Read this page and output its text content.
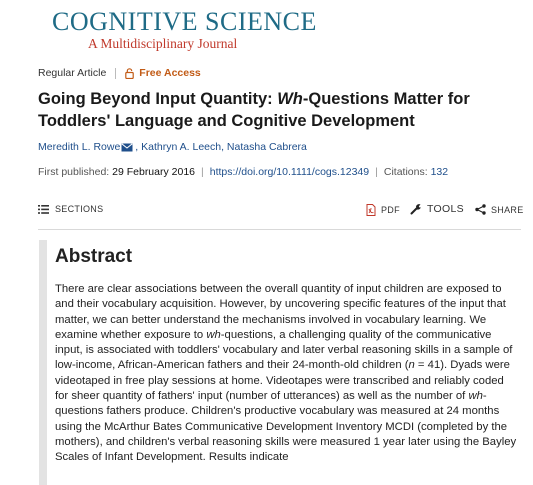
COGNITIVE SCIENCE
A Multidisciplinary Journal
Regular Article	Free Access
Going Beyond Input Quantity: Wh-Questions Matter for Toddlers' Language and Cognitive Development
Meredith L. Rowe , Kathryn A. Leech, Natasha Cabrera
First published:
29 February 2016 | https://doi.org/10.1111/cogs.12349 | Citations:
132
SECTIONS	PDF	TOOLS	SHARE
Abstract

There are clear associations between the overall quantity of input children are exposed to and their vocabulary acquisition. However, by uncovering specific features of the input that matter, we can better understand the mechanisms involved in vocabulary learning. We examine whether exposure to wh-questions, a challenging quality of the communicative input, is associated with toddlers' vocabulary and later verbal reasoning skills in a sample of low-income, African-American fathers and their 24-month-old children (n = 41). Dyads were videotaped in free play sessions at home. Videotapes were transcribed and reliably coded for sheer quantity of fathers' input (number of utterances) as well as the number of wh-questions fathers produce. Children's productive vocabulary was measured at 24 months using the McArthur Bates Communicative Development Inventory MCDI (completed by the mothers), and children's verbal reasoning skills were measured 1 year later using the Bayley Scales of Infant Development. Results indicate
